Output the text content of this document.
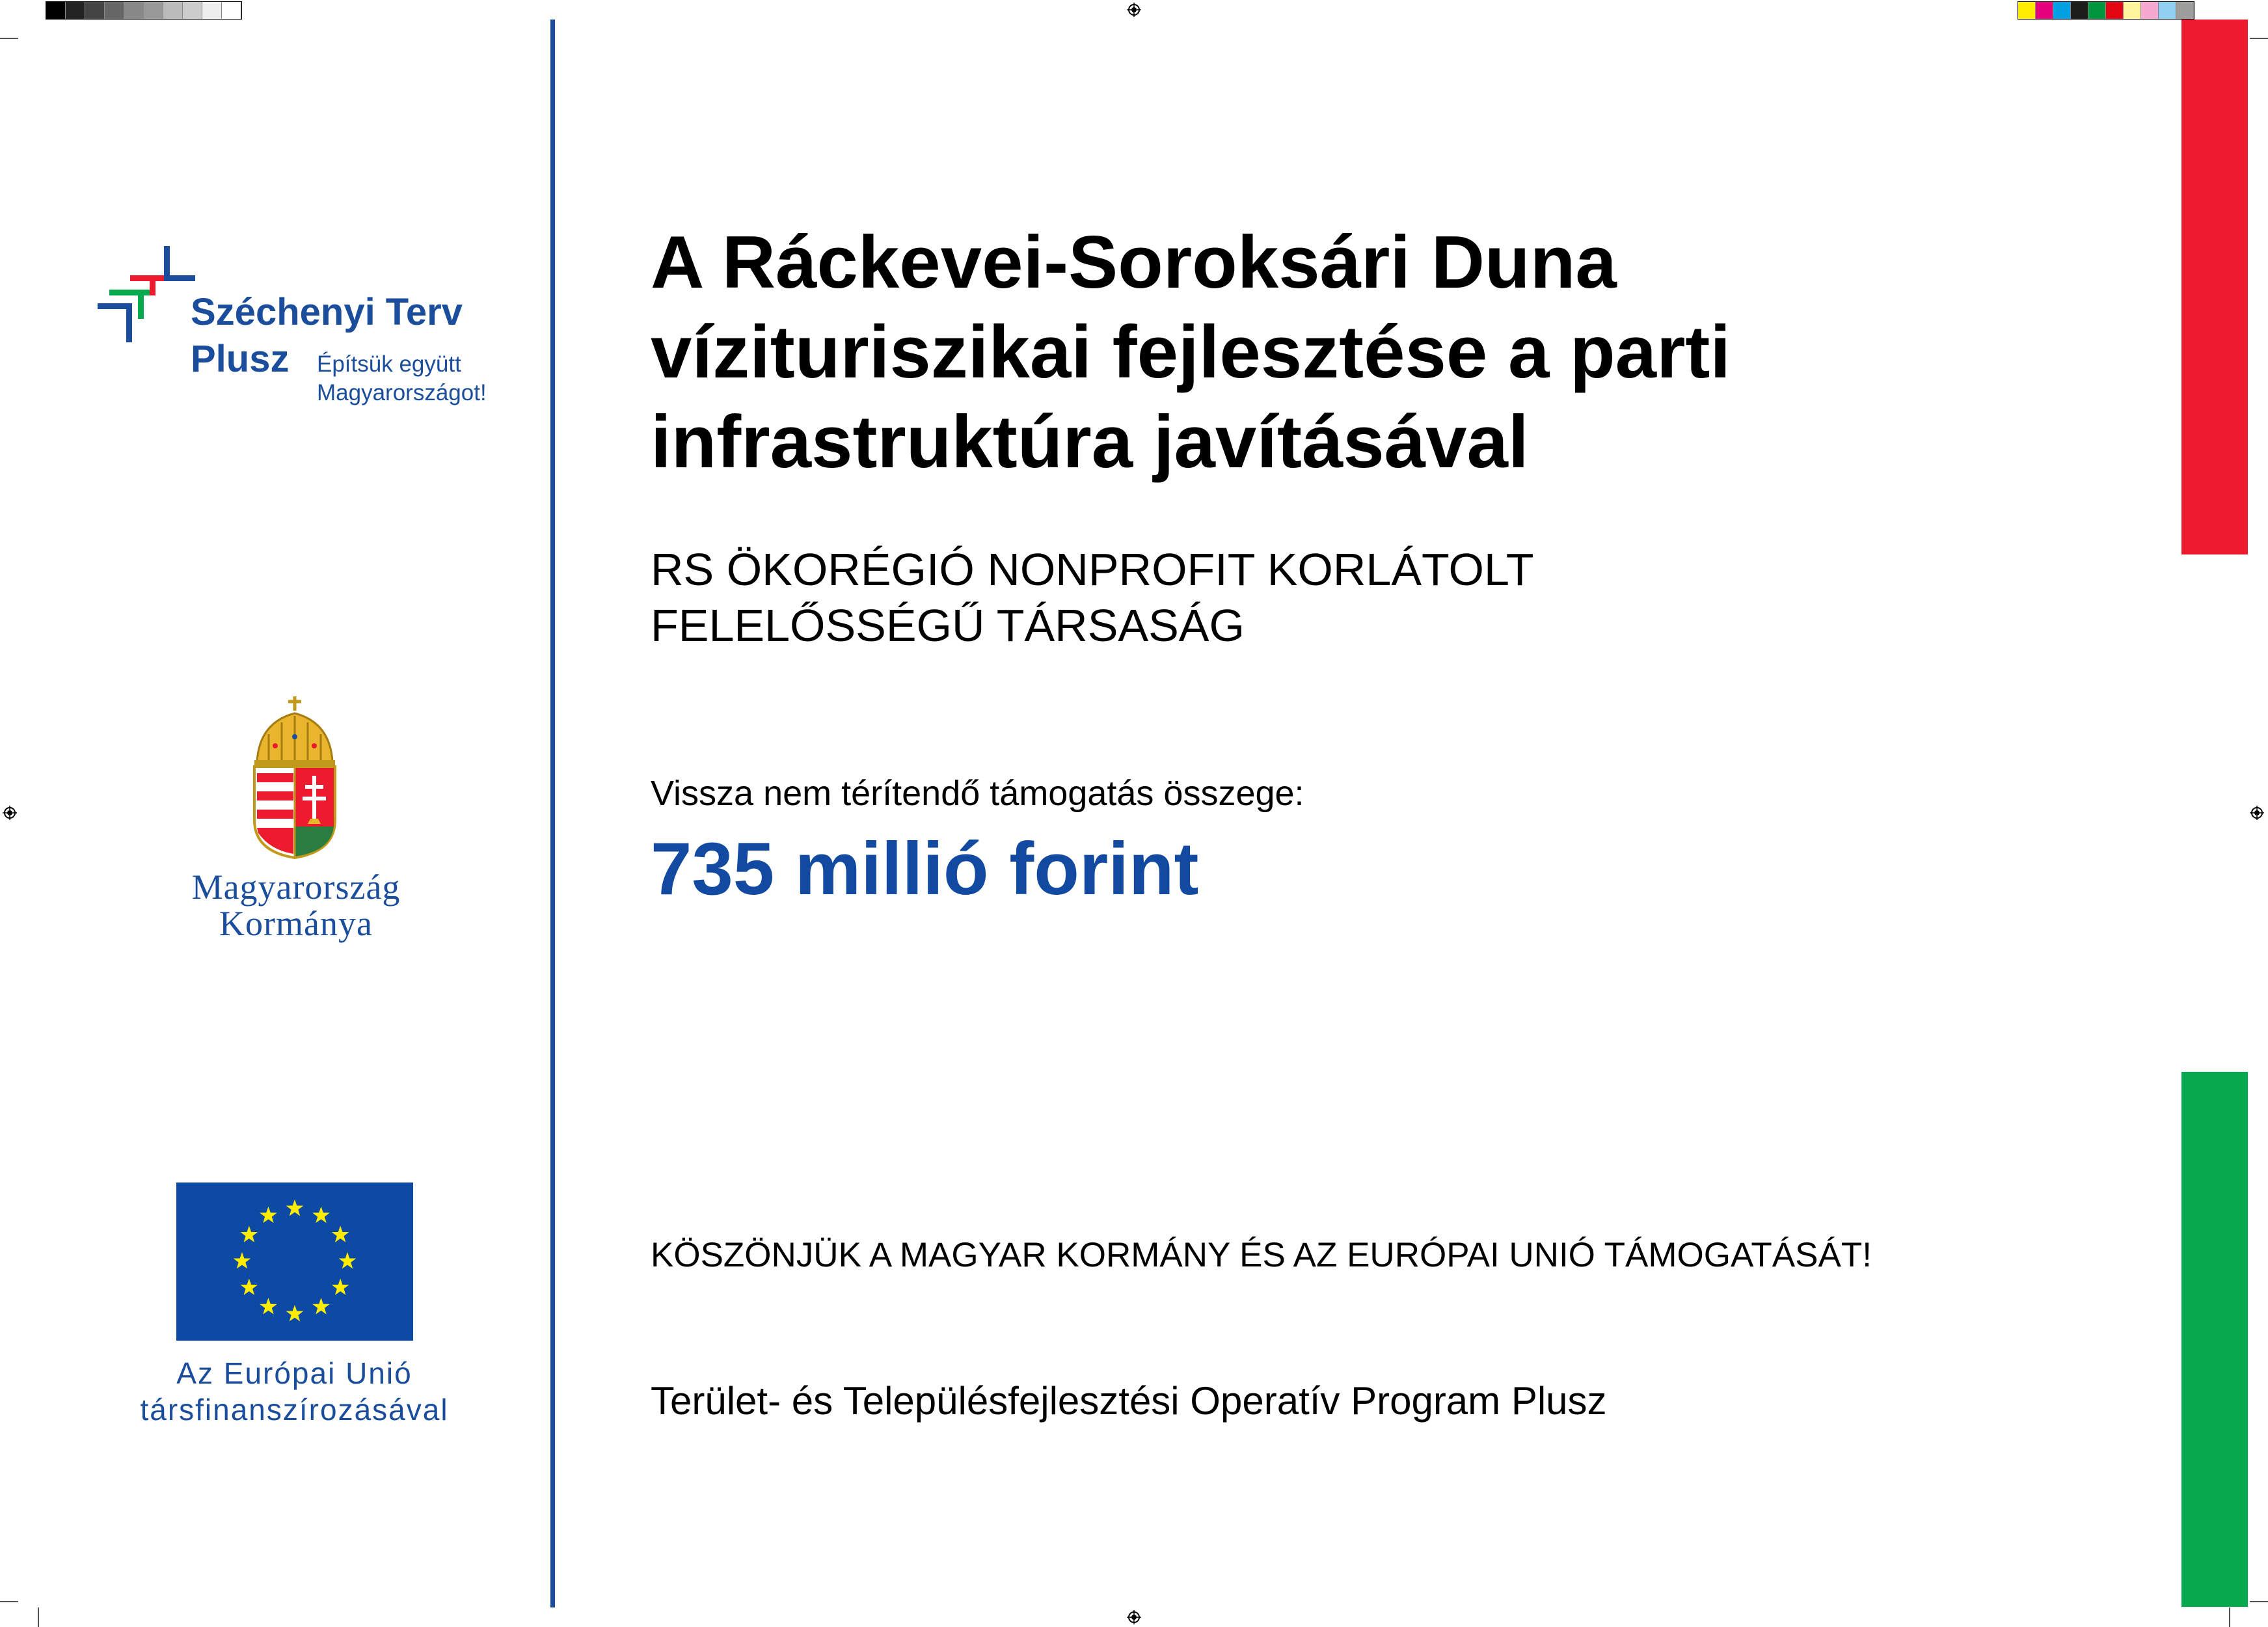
Széchenyi Terv
Plusz Építsük együtt
Magyarországot!
Magyarország
Kormánya
Az Európai Unió
társfinanszírozásával
A Ráckevei-Soroksári Duna
vízituriszikai fejlesztése a parti
infrastruktúra javításával
RS ÖKORÉGIÓ NONPROFIT KORLÁTOLT
FELELŐSSÉGŰ TÁRSASÁG
Vissza nem térítendő támogatás összege:
735 millió forint
KÖSZÖNJÜK A MAGYAR KORMÁNY ÉS AZ EURÓPAI UNIÓ TÁMOGATÁSÁT!
Terület- és Településfejlesztési Operatív Program Plusz
